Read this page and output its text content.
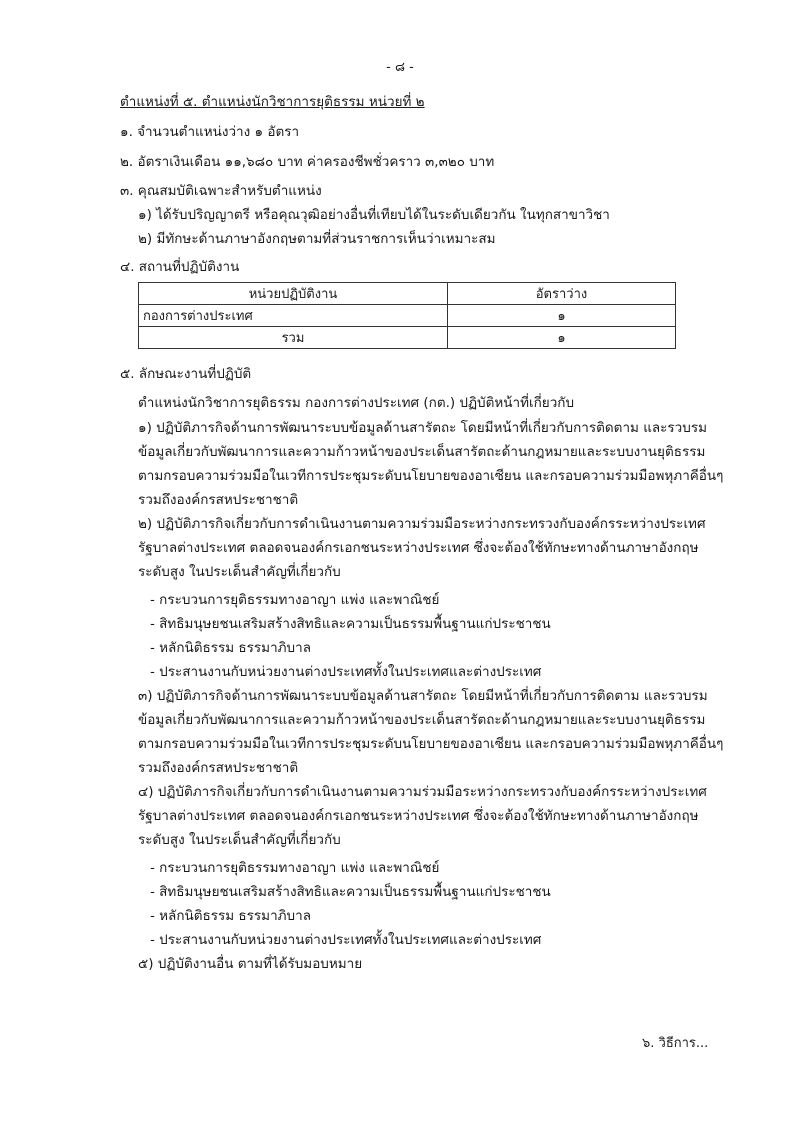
- ๘ -
ตำแหน่งที่ ๕. ตำแหน่งนักวิชาการยุติธรรม หน่วยที่ ๒
๑. จำนวนตำแหน่งว่าง ๑ อัตรา
๒. อัตราเงินเดือน ๑๑,๖๘๐ บาท ค่าครองชีพชั่วคราว ๓,๓๒๐ บาท
๓. คุณสมบัติเฉพาะสำหรับตำแหน่ง
๑) ได้รับปริญญาตรี หรือคุณวุฒิอย่างอื่นที่เทียบได้ในระดับเดียวกัน ในทุกสาขาวิชา
๒) มีทักษะด้านภาษาอังกฤษตามที่ส่วนราชการเห็นว่าเหมาะสม
๔. สถานที่ปฏิบัติงาน
หน่วยปฏิบัติงาน	อัตราว่าง
กองการต่างประเทศ	๑
รวม	๑
๕. ลักษณะงานที่ปฏิบัติ
ตำแหน่งนักวิชาการยุติธรรม กองการต่างประเทศ (กต.) ปฏิบัติหน้าที่เกี่ยวกับ
๑) ปฏิบัติภารกิจด้านการพัฒนาระบบข้อมูลด้านสารัตถะ โดยมีหน้าที่เกี่ยวกับการติดตาม และรวบรม
ข้อมูลเกี่ยวกับพัฒนาการและความก้าวหน้าของประเด็นสารัตถะด้านกฎหมายและระบบงานยุติธรรม
ตามกรอบความร่วมมือในเวทีการประชุมระดับนโยบายของอาเซียน และกรอบความร่วมมือพหุภาคีอื่นๆ
รวมถึงองค์กรสหประชาชาติ
๒) ปฏิบัติภารกิจเกี่ยวกับการดำเนินงานตามความร่วมมือระหว่างกระทรวงกับองค์กรระหว่างประเทศ
รัฐบาลต่างประเทศ ตลอดจนองค์กรเอกชนระหว่างประเทศ ซึ่งจะต้องใช้ทักษะทางด้านภาษาอังกฤษ
ระดับสูง ในประเด็นสำคัญที่เกี่ยวกับ
- กระบวนการยุติธรรมทางอาญา แพ่ง และพาณิชย์
- สิทธิมนุษยชนเสริมสร้างสิทธิและความเป็นธรรมพื้นฐานแก่ประชาชน
- หลักนิติธรรม ธรรมาภิบาล
- ประสานงานกับหน่วยงานต่างประเทศทั้งในประเทศและต่างประเทศ
๓) ปฏิบัติภารกิจด้านการพัฒนาระบบข้อมูลด้านสารัตถะ โดยมีหน้าที่เกี่ยวกับการติดตาม และรวบรม
ข้อมูลเกี่ยวกับพัฒนาการและความก้าวหน้าของประเด็นสารัตถะด้านกฎหมายและระบบงานยุติธรรม
ตามกรอบความร่วมมือในเวทีการประชุมระดับนโยบายของอาเซียน และกรอบความร่วมมือพหุภาคีอื่นๆ
รวมถึงองค์กรสหประชาชาติ
๔) ปฏิบัติภารกิจเกี่ยวกับการดำเนินงานตามความร่วมมือระหว่างกระทรวงกับองค์กรระหว่างประเทศ
รัฐบาลต่างประเทศ ตลอดจนองค์กรเอกชนระหว่างประเทศ ซึ่งจะต้องใช้ทักษะทางด้านภาษาอังกฤษ
ระดับสูง ในประเด็นสำคัญที่เกี่ยวกับ
- กระบวนการยุติธรรมทางอาญา แพ่ง และพาณิชย์
- สิทธิมนุษยชนเสริมสร้างสิทธิและความเป็นธรรมพื้นฐานแก่ประชาชน
- หลักนิติธรรม ธรรมาภิบาล
- ประสานงานกับหน่วยงานต่างประเทศทั้งในประเทศและต่างประเทศ
๕) ปฏิบัติงานอื่น ตามที่ได้รับมอบหมาย
๖. วิธีการ...
